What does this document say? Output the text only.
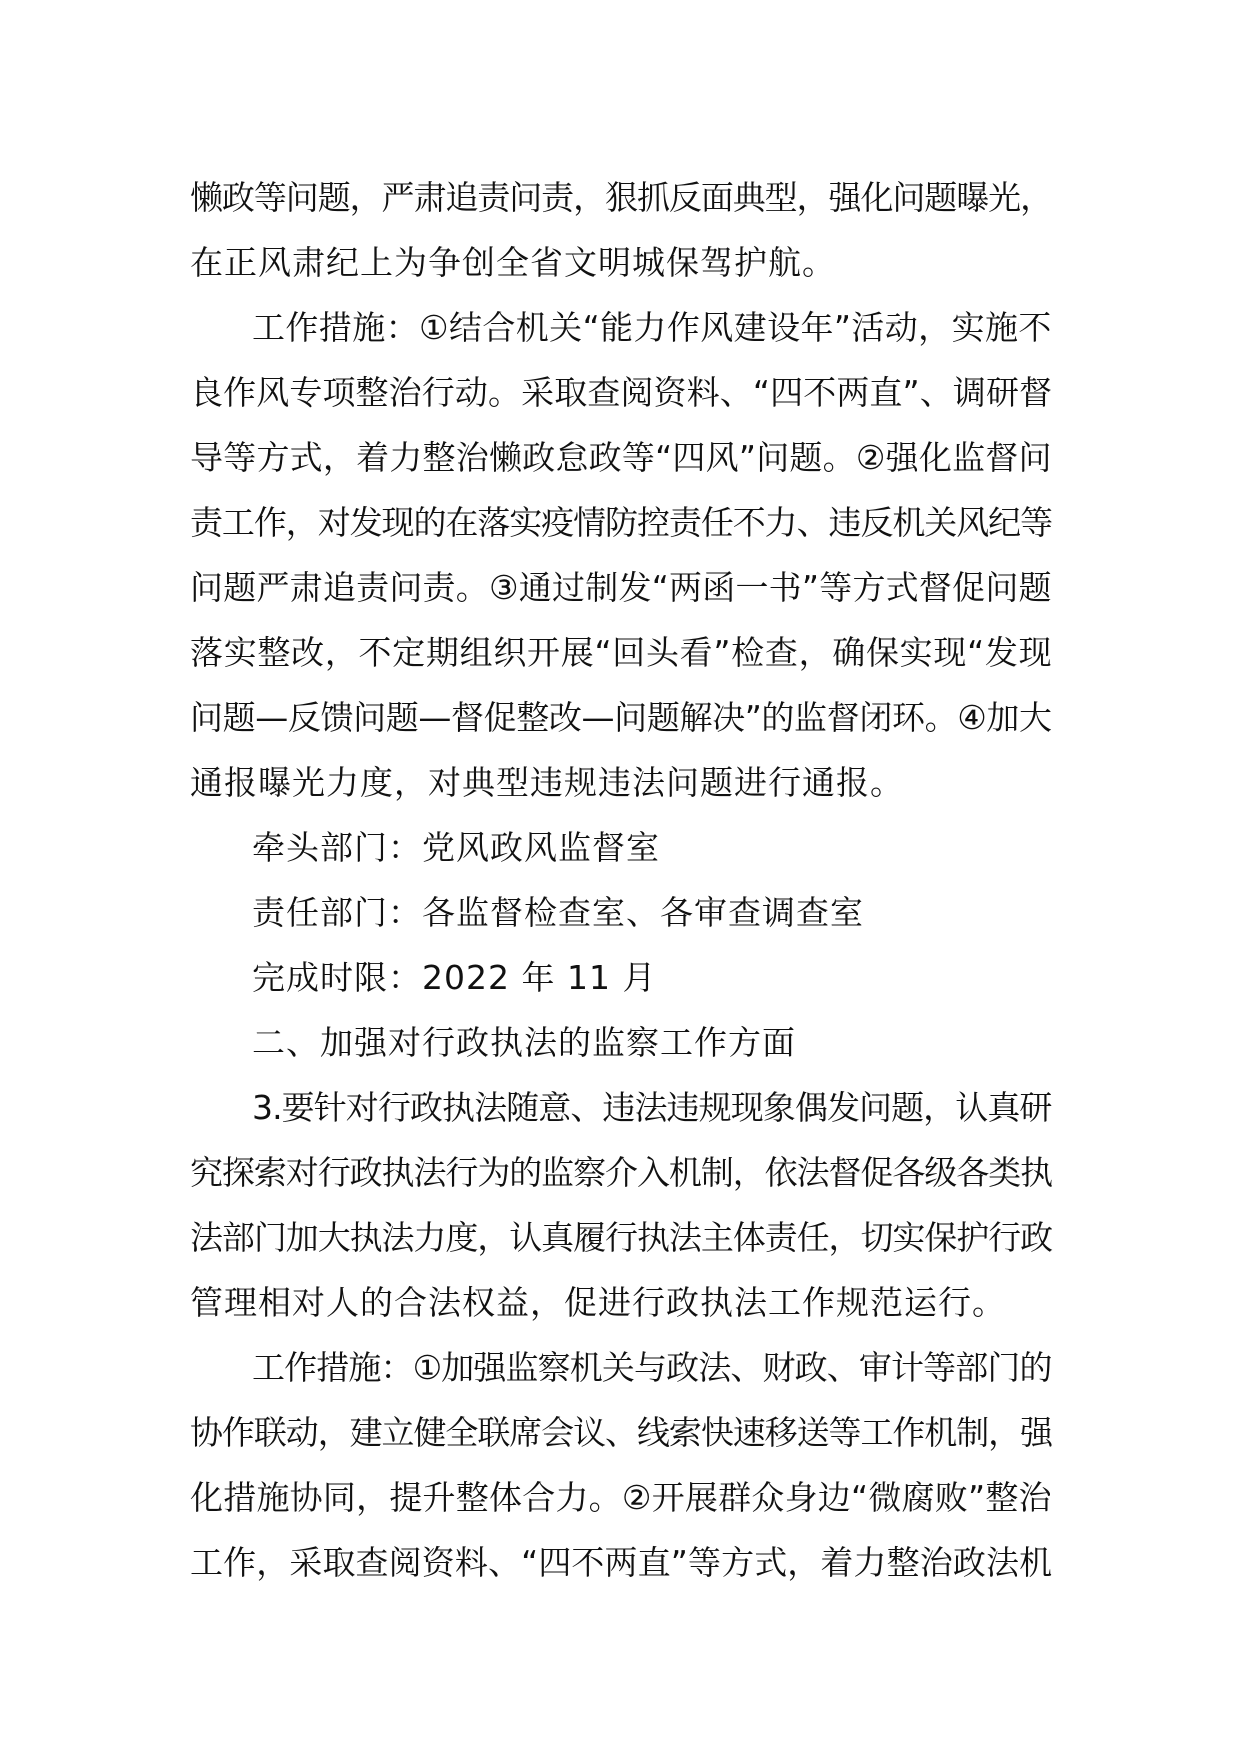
懒政等问题，严肃追责问责，狠抓反面典型，强化问题曝光，
在正风肃纪上为争创全省文明城保驾护航。
工作措施：①结合机关“能力作风建设年”活动，实施不
良作风专项整治行动。采取查阅资料、“四不两直”、调研督
导等方式，着力整治懒政怠政等“四风”问题。②强化监督问
责工作，对发现的在落实疫情防控责任不力、违反机关风纪等
问题严肃追责问责。③通过制发“两函一书”等方式督促问题
落实整改，不定期组织开展“回头看”检查，确保实现“发现
问题—反馈问题—督促整改—问题解决”的监督闭环。④加大
通报曝光力度，对典型违规违法问题进行通报。
牵头部门：党风政风监督室
责任部门：各监督检查室、各审查调查室
完成时限：2022 年 11 月
二、加强对行政执法的监察工作方面
3.要针对行政执法随意、违法违规现象偶发问题，认真研
究探索对行政执法行为的监察介入机制，依法督促各级各类执
法部门加大执法力度，认真履行执法主体责任，切实保护行政
管理相对人的合法权益，促进行政执法工作规范运行。
工作措施：①加强监察机关与政法、财政、审计等部门的
协作联动，建立健全联席会议、线索快速移送等工作机制，强
化措施协同，提升整体合力。②开展群众身边“微腐败”整治
工作，采取查阅资料、“四不两直”等方式，着力整治政法机
